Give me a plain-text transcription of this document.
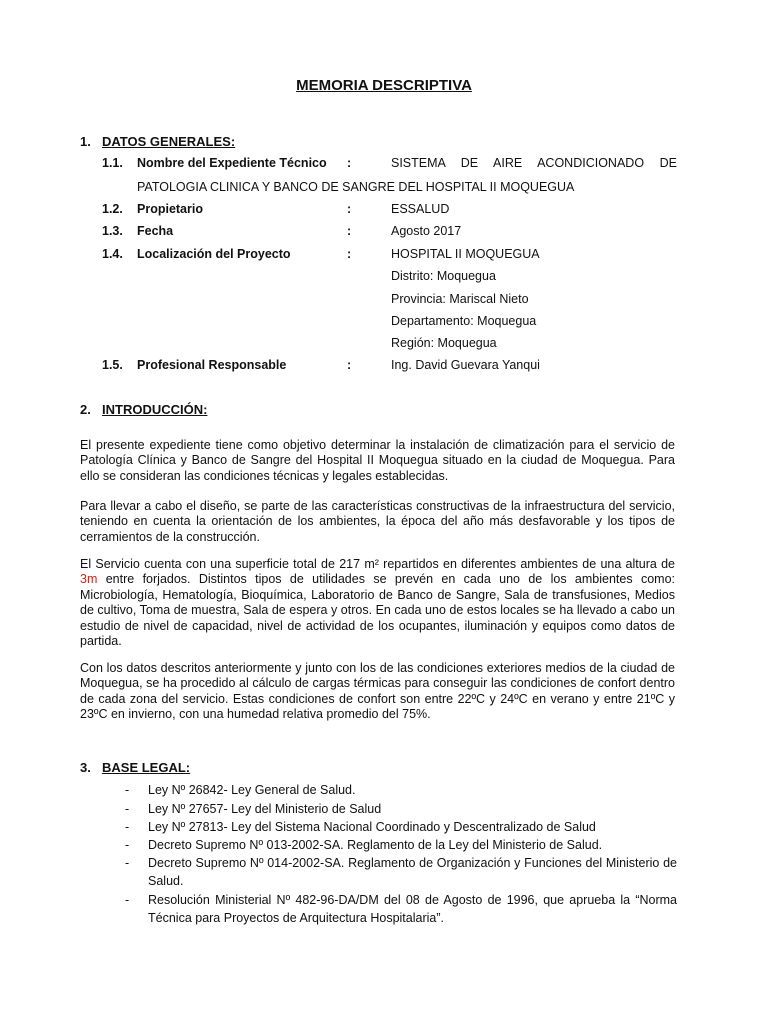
MEMORIA DESCRIPTIVA
1. DATOS GENERALES:
1.1. Nombre del Expediente Técnico :	SISTEMA DE AIRE ACONDICIONADO DE
PATOLOGIA CLINICA Y BANCO DE SANGRE DEL HOSPITAL II MOQUEGUA
1.2. Propietario	:	ESSALUD
1.3. Fecha	:	Agosto 2017
1.4. Localización del Proyecto	:	HOSPITAL II MOQUEGUA
Distrito: Moquegua
Provincia: Mariscal Nieto
Departamento: Moquegua
Región: Moquegua
1.5. Profesional Responsable	:	Ing. David Guevara Yanqui
2. INTRODUCCIÓN:

El presente expediente tiene como objetivo determinar la instalación de climatización para el servicio de Patología Clínica y Banco de Sangre del Hospital II Moquegua situado en la ciudad de Moquegua. Para ello se consideran las condiciones técnicas y legales establecidas.

Para llevar a cabo el diseño, se parte de las características constructivas de la infraestructura del servicio, teniendo en cuenta la orientación de los ambientes, la época del año más desfavorable y los tipos de cerramientos de la construcción.

El Servicio cuenta con una superficie total de 217 m² repartidos en diferentes ambientes de una altura de 3m entre forjados. Distintos tipos de utilidades se prevén en cada uno de los ambientes como: Microbiología, Hematología, Bioquímica, Laboratorio de Banco de Sangre, Sala de transfusiones, Medios de cultivo, Toma de muestra, Sala de espera y otros. En cada uno de estos locales se ha llevado a cabo un estudio de nivel de capacidad, nivel de actividad de los ocupantes, iluminación y equipos como datos de partida.

Con los datos descritos anteriormente y junto con los de las condiciones exteriores medios de la ciudad de Moquegua, se ha procedido al cálculo de cargas térmicas para conseguir las condiciones de confort dentro de cada zona del servicio. Estas condiciones de confort son entre 22ºC y 24ºC en verano y entre 21ºC y 23ºC en invierno, con una humedad relativa promedio del 75%.

3. BASE LEGAL:
- Ley Nº 26842- Ley General de Salud.
- Ley Nº 27657- Ley del Ministerio de Salud
- Ley Nº 27813- Ley del Sistema Nacional Coordinado y Descentralizado de Salud
- Decreto Supremo Nº 013-2002-SA. Reglamento de la Ley del Ministerio de Salud.
- Decreto Supremo Nº 014-2002-SA. Reglamento de Organización y Funciones del Ministerio de Salud.
- Resolución Ministerial Nº 482-96-DA/DM del 08 de Agosto de 1996, que aprueba la “Norma Técnica para Proyectos de Arquitectura Hospitalaria”.
